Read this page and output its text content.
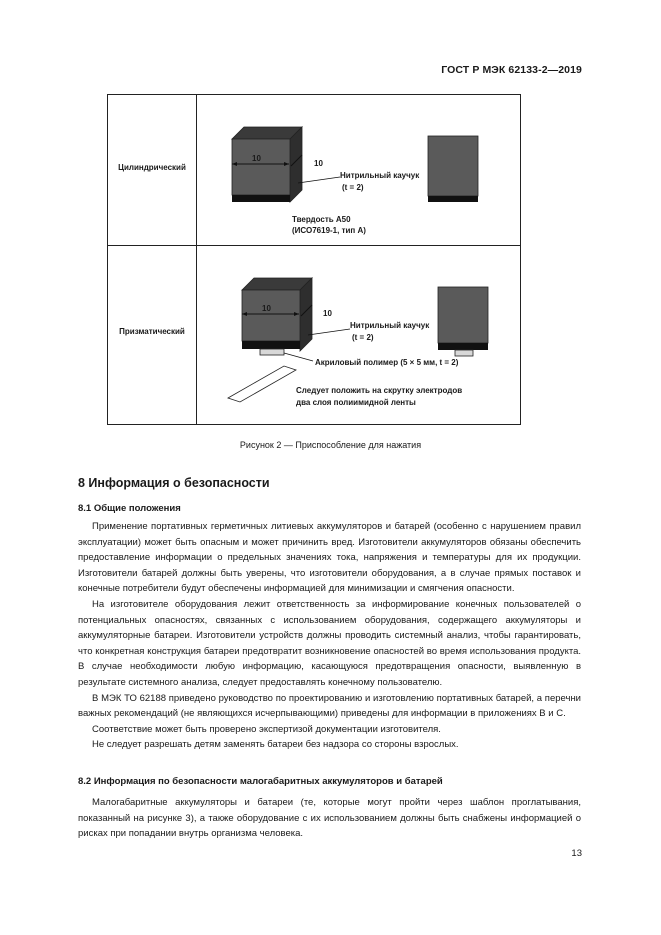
ГОСТ Р МЭК 62133-2—2019
Цилиндрический
Призматический
10
10
Нитрильный каучук
(t = 2)
Твердость А50
(ИСО7619-1, тип А)
10
10
Нитрильный каучук
(t = 2)
Акриловый полимер (5 × 5 мм, t = 2)
Следует положить на скрутку электродов
два слоя полиимидной ленты
Рисунок 2 — Приспособление для нажатия
8 Информация о безопасности
8.1 Общие положения

Применение портативных герметичных литиевых аккумуляторов и батарей (особенно с нарушением правил эксплуатации) может быть опасным и может причинить вред. Изготовители аккумуляторов обязаны обеспечить предоставление информации о предельных значениях тока, напряжения и температуры для их продукции. Изготовители батарей должны быть уверены, что изготовители оборудования, а в случае прямых поставок и конечные потребители будут обеспечены информацией для минимизации и смягчения опасности.

На изготовителе оборудования лежит ответственность за информирование конечных пользователей о потенциальных опасностях, связанных с использованием оборудования, содержащего аккумуляторы и аккумуляторные батареи. Изготовители устройств должны проводить системный анализ, чтобы гарантировать, что конкретная конструкция батареи предотвратит возникновение опасностей во время использования продукта. В случае необходимости любую информацию, касающуюся предотвращения опасности, выявленную в результате системного анализа, следует предоставлять конечному пользователю.

В МЭК ТО 62188 приведено руководство по проектированию и изготовлению портативных батарей, а перечни важных рекомендаций (не являющихся исчерпывающими) приведены для информации в приложениях В и С.

Соответствие может быть проверено экспертизой документации изготовителя.

Не следует разрешать детям заменять батареи без надзора со стороны взрослых.

8.2 Информация по безопасности малогабаритных аккумуляторов и батарей

Малогабаритные аккумуляторы и батареи (те, которые могут пройти через шаблон проглатывания, показанный на рисунке 3), а также оборудование с их использованием должны быть снабжены информацией о рисках при попадании внутрь организма человека.

13
